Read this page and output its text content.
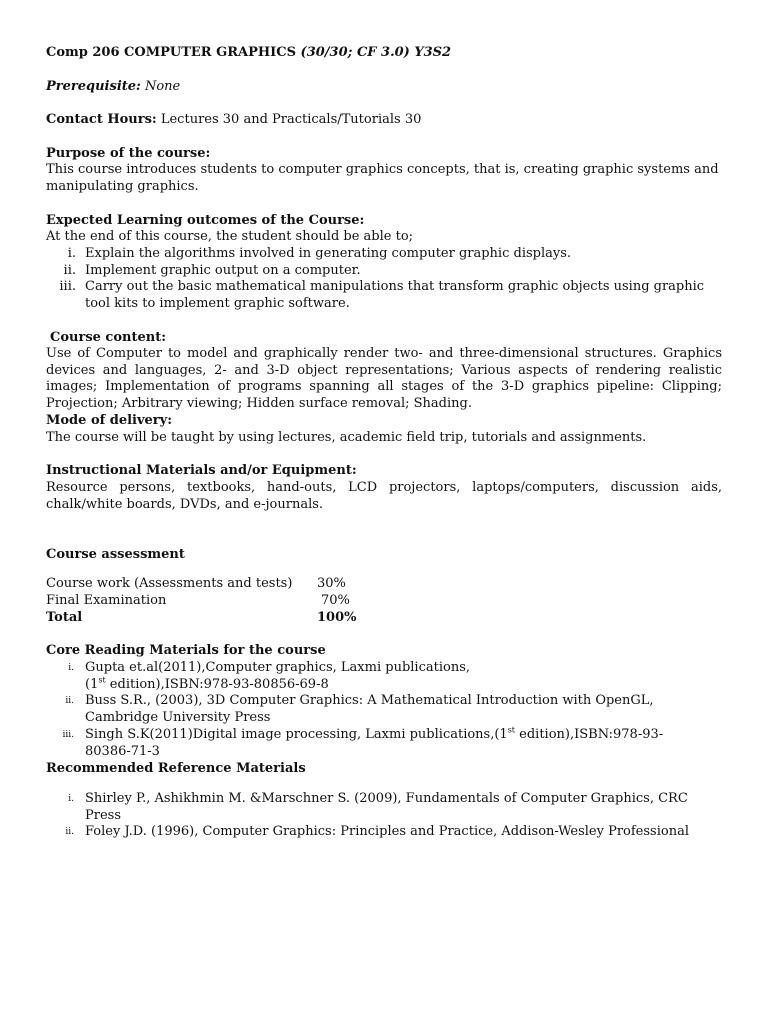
Comp 206 COMPUTER GRAPHICS (30/30; CF 3.0) Y3S2
Prerequisite: None
Contact Hours: Lectures 30 and Practicals/Tutorials 30
Purpose of the course:
This course introduces students to computer graphics concepts, that is, creating graphic systems and manipulating graphics.
Expected Learning outcomes of the Course:
At the end of this course, the student should be able to;
i. Explain the algorithms involved in generating computer graphic displays.
ii. Implement graphic output on a computer.
iii. Carry out the basic mathematical manipulations that transform graphic objects using graphic tool kits to implement graphic software.
Course content:
Use of Computer to model and graphically render two- and three-dimensional structures. Graphics devices and languages, 2- and 3-D object representations; Various aspects of rendering realistic images; Implementation of programs spanning all stages of the 3-D graphics pipeline: Clipping; Projection; Arbitrary viewing; Hidden surface removal; Shading.
Mode of delivery:
The course will be taught by using lectures, academic field trip, tutorials and assignments.
Instructional Materials and/or Equipment:
Resource persons, textbooks, hand-outs, LCD projectors, laptops/computers, discussion aids, chalk/white boards, DVDs, and e-journals.
Course assessment
Course work (Assessments and tests) 30%
Final Examination	70%
Total	100%
Core Reading Materials for the course
i. Gupta et.al(2011),Computer graphics, Laxmi publications,
(1st edition),ISBN:978-93-80856-69-8
ii. Buss S.R., (2003), 3D Computer Graphics: A Mathematical Introduction with OpenGL,
Cambridge University Press
iii. Singh S.K(2011)Digital image processing, Laxmi publications,(1st edition),ISBN:978-93-
80386-71-3
Recommended Reference Materials
i. Shirley P., Ashikhmin M. &Marschner S. (2009), Fundamentals of Computer Graphics, CRC
Press
ii. Foley J.D. (1996), Computer Graphics: Principles and Practice, Addison-Wesley Professional
